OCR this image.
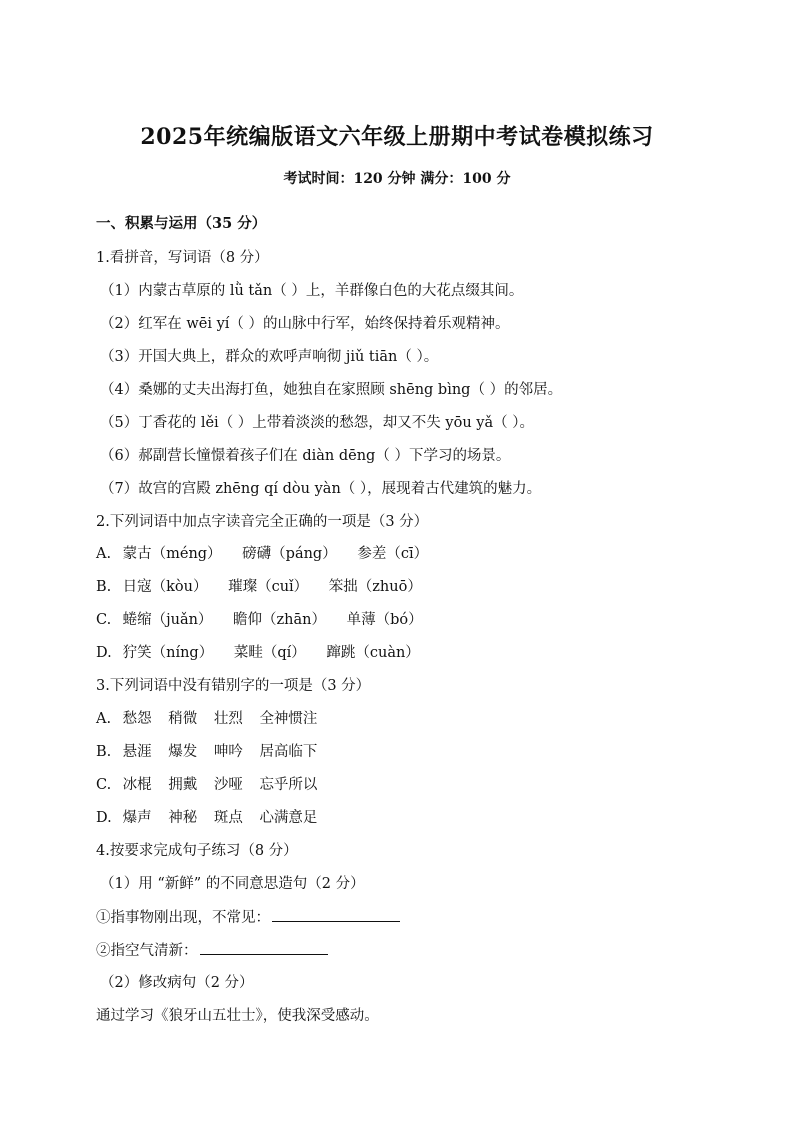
2025年统编版语文六年级上册期中考试卷模拟练习
考试时间：120 分钟 满分：100 分
一、积累与运用（35 分）
1.看拼音，写词语（8 分）
（1）内蒙古草原的 lǜ tǎn（ ）上，羊群像白色的大花点缀其间。
（2）红军在 wēi yí（ ）的山脉中行军，始终保持着乐观精神。
（3）开国大典上，群众的欢呼声响彻 jiǔ tiān（ ）。
（4）桑娜的丈夫出海打鱼，她独自在家照顾 shēng bìng（ ）的邻居。
（5）丁香花的 lěi（ ）上带着淡淡的愁怨，却又不失 yōu yǎ（ ）。
（6）郝副营长憧憬着孩子们在 diàn dēng（ ）下学习的场景。
（7）故宫的宫殿 zhēng qí dòu yàn（ ），展现着古代建筑的魅力。
2.下列词语中加点字读音完全正确的一项是（3 分）
A. 蒙古（méng） 磅礴（páng） 参差（cī）
B. 日寇（kòu） 璀璨（cuǐ） 笨拙（zhuō）
C. 蜷缩（juǎn） 瞻仰（zhān） 单薄（bó）
D. 狞笑（níng） 菜畦（qí） 蹿跳（cuàn）
3.下列词语中没有错别字的一项是（3 分）
A. 愁怨 稍微 壮烈 全神惯注
B. 悬涯 爆发 呻吟 居高临下
C. 冰棍 拥戴 沙哑 忘乎所以
D. 爆声 神秘 斑点 心满意足
4.按要求完成句子练习（8 分）
（1）用 “新鲜” 的不同意思造句（2 分）
①指事物刚出现，不常见：
②指空气清新：
（2）修改病句（2 分）
通过学习《狼牙山五壮士》，使我深受感动。
